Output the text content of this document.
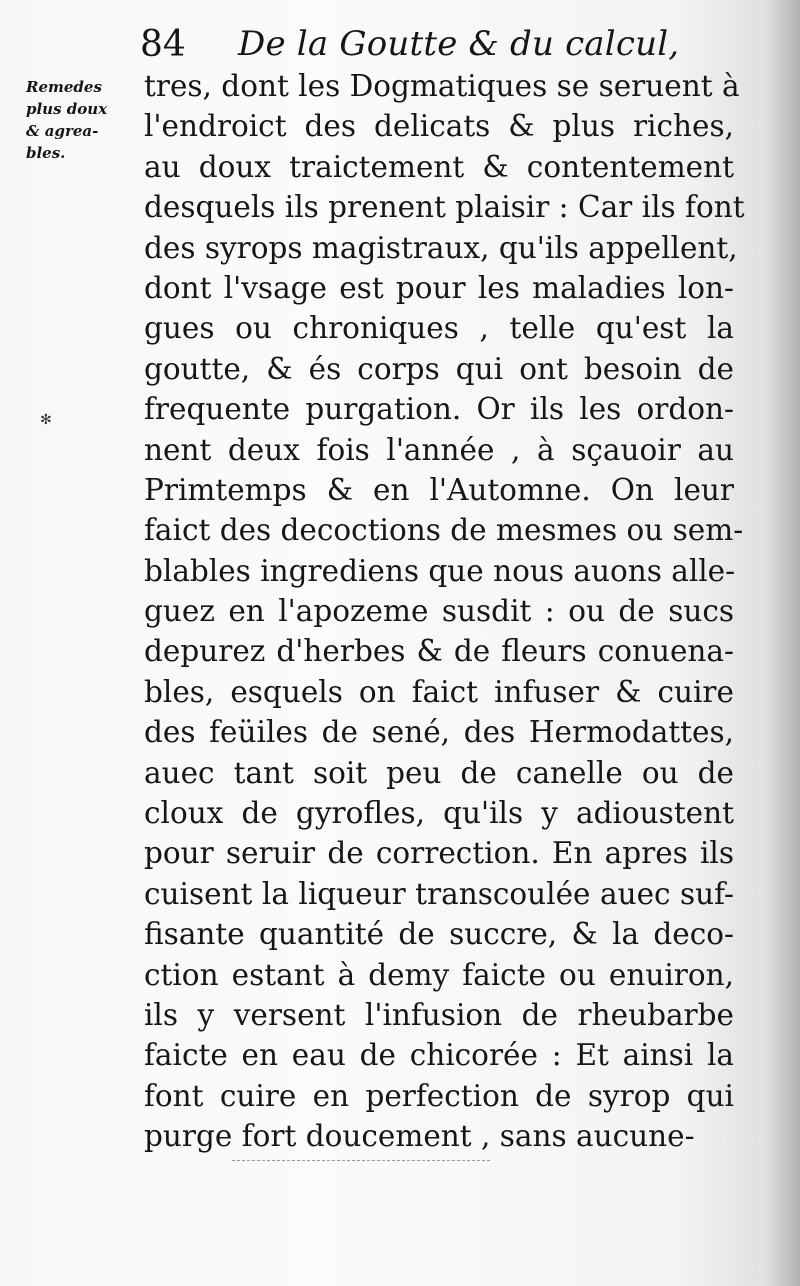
84 De la Goutte & du calcul,
Remedes
plus doux
& agrea-
bles.
tres, dont les Dogmatiques se seruent à
l'endroict des delicats & plus riches,
au doux traictement & contentement
desquels ils prenent plaisir : Car ils font
des syrops magistraux, qu'ils appellent,
dont l'vsage est pour les maladies lon-
gues ou chroniques , telle qu'est la
goutte, & és corps qui ont besoin de
frequente purgation. Or ils les ordon-
nent deux fois l'année , à sçauoir au
Primtemps & en l'Automne. On leur
faict des decoctions de mesmes ou sem-
blables ingrediens que nous auons alle-
guez en l'apozeme susdit : ou de sucs
depurez d'herbes & de fleurs conuena-
bles, esquels on faict infuser & cuire
des feüiles de sené, des Hermodattes,
auec tant soit peu de canelle ou de
cloux de gyrofles, qu'ils y adioustent
pour seruir de correction. En apres ils
cuisent la liqueur transcoulée auec suf-
fisante quantité de succre, & la deco-
ction estant à demy faicte ou enuiron,
ils y versent l'infusion de rheubarbe
faicte en eau de chicorée : Et ainsi la
font cuire en perfection de syrop qui
purge fort doucement , sans aucune-
✻
